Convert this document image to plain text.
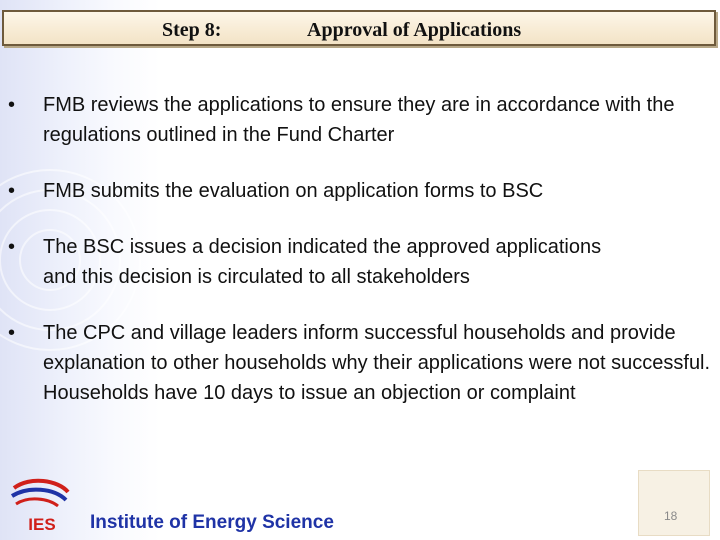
Step 8:	Approval of Applications
• FMB reviews the applications to ensure they are in accordance with the regulations outlined in the Fund Charter
• FMB submits the evaluation on application forms to BSC
• The BSC issues a decision indicated the approved applications and this decision is circulated to all stakeholders
• The CPC and village leaders inform successful households and provide explanation to other households why their applications were not successful. Households have 10 days to issue an objection or complaint
IES Institute of Energy Science	18
